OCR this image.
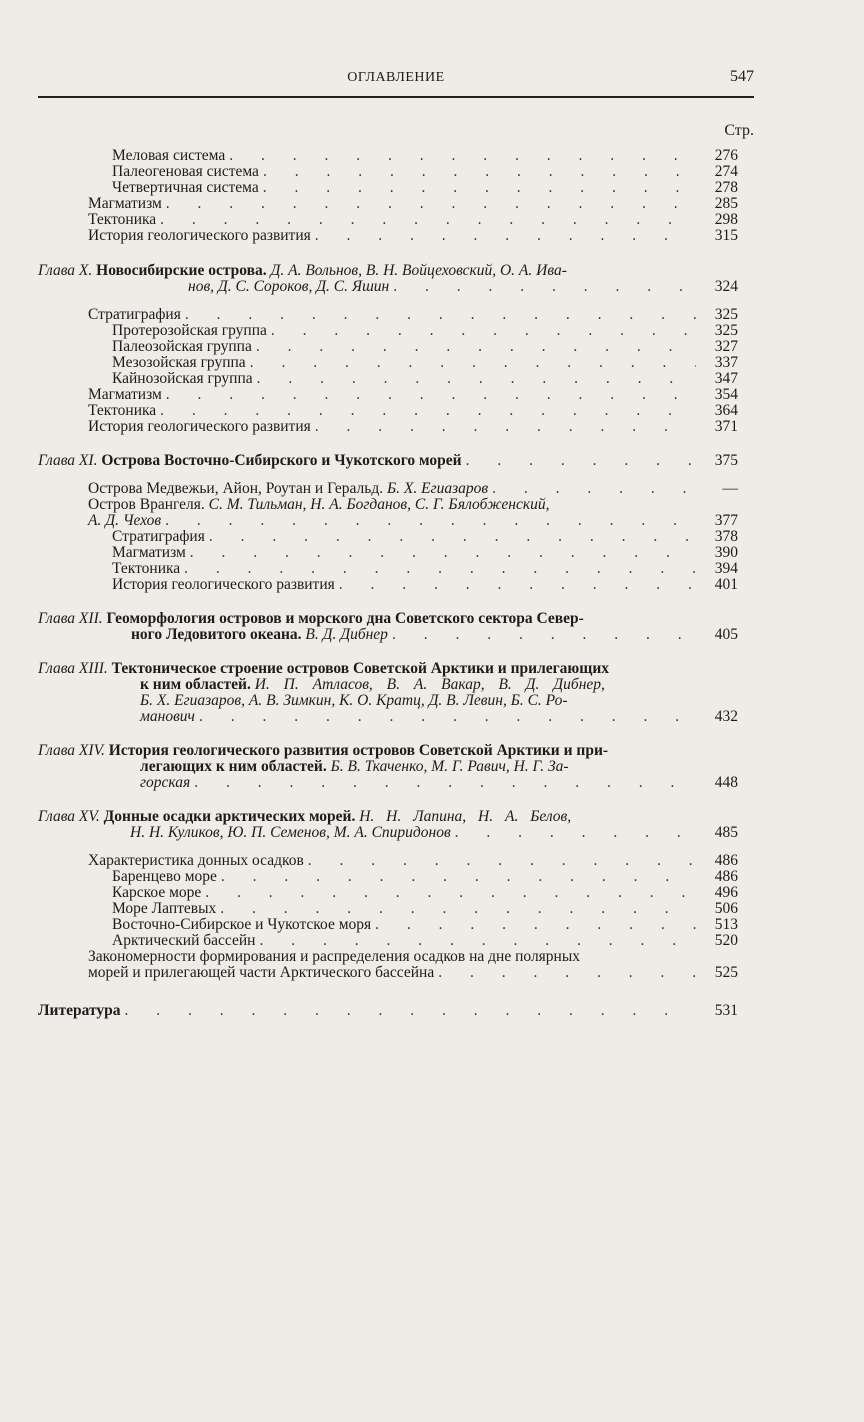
ОГЛАВЛЕНИЕ	547
Стр.
Меловая система . . .	276
Палеогеновая система . . .	274
Четвертичная система . . .	278
Магматизм . . .	285
Тектоника . . .	298
История геологического развития . . .	315
Глава X. Новосибирские острова. Д. А. Вольнов, В. Н. Войцеховский, О. А. Ива-
нов, Д. С. Сороков, Д. С. Яшин . . .	324
Стратиграфия . . .	325
Протерозойская группа . . .	325
Палеозойская группа . . .	327
Мезозойская группа . . .	337
Кайнозойская группа . . .	347
Магматизм . . .	354
Тектоника . . .	364
История геологического развития . . .	371
Глава XI. Острова Восточно-Сибирского и Чукотского морей . . .	375
Острова Медвежьи, Айон, Роутан и Геральд. Б. Х. Егиазаров . . .	—
Остров Врангеля. С. М. Тильман, Н. А. Богданов, С. Г. Бялобженский,
А. Д. Чехов . . .	377
Стратиграфия . . .	378
Магматизм . . .	390
Тектоника . . .	394
История геологического развития . . .	401
Глава XII. Геоморфология островов и морского дна Советского сектора Север-
ного Ледовитого океана. В. Д. Дибнер . . .	405
Глава XIII. Тектоническое строение островов Советской Арктики и прилегающих
к ним областей. И. П. Атласов, В. А. Вакар, В. Д. Дибнер,
Б. Х. Егиазаров, А. В. Зимкин, К. О. Кратц, Д. В. Левин, Б. С. Ро-
манович . . .	432
Глава XIV. История геологического развития островов Советской Арктики и при-
легающих к ним областей. Б. В. Ткаченко, М. Г. Равич, Н. Г. За-
горская . . .	448
Глава XV. Донные осадки арктических морей. Н. Н. Лапина, Н. А. Белов,
Н. Н. Куликов, Ю. П. Семенов, М. А. Спиридонов . . .	485
Характеристика донных осадков . . .	486
Баренцево море . . .	486
Карское море . . .	496
Море Лаптевых . . .	506
Восточно-Сибирское и Чукотское моря . . .	513
Арктический бассейн . . .	520
Закономерности формирования и распределения осадков на дне полярных
морей и прилегающей части Арктического бассейна . . .	525
Литература . . .	531
